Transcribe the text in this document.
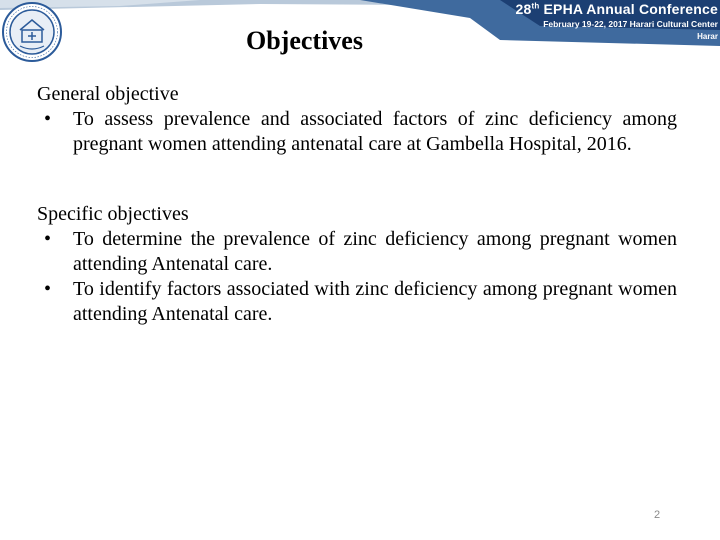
28th EPHA Annual Conference
February 19-22, 2017 Harari Cultural Center
Harar
Objectives

General objective

• To assess prevalence and associated factors of zinc deficiency among pregnant women attending antenatal care at Gambella Hospital, 2016.

Specific objectives

• To determine the prevalence of zinc deficiency among pregnant women attending Antenatal care.
• To identify factors associated with zinc deficiency among pregnant women attending Antenatal care.
2
